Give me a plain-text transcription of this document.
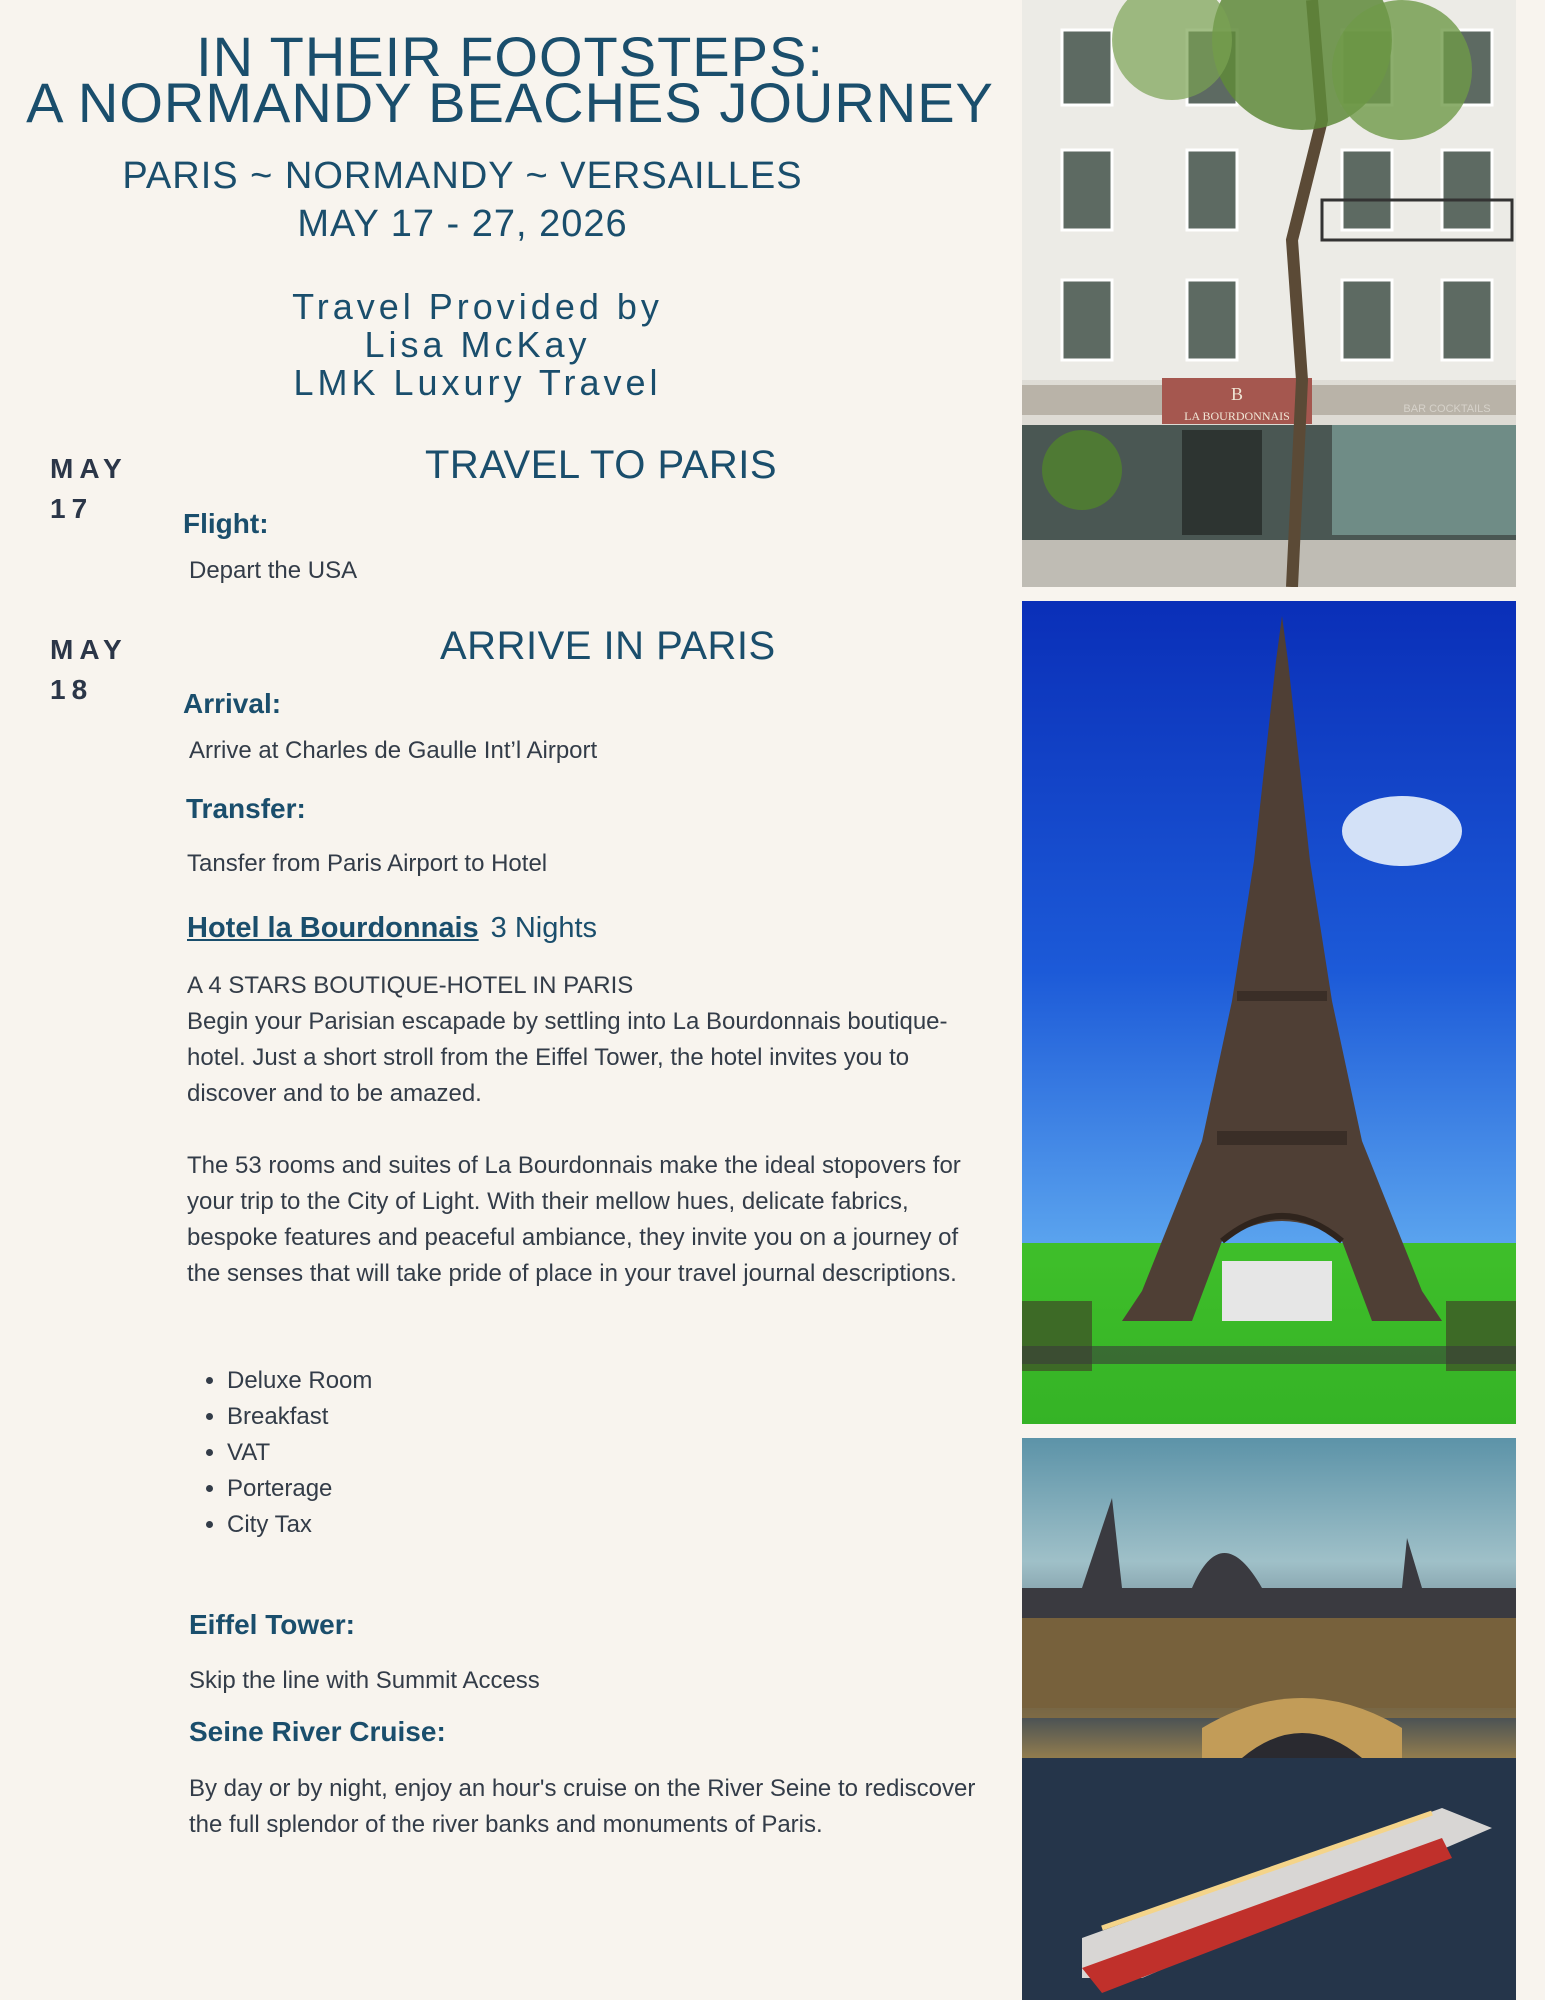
IN THEIR FOOTSTEPS:
A NORMANDY BEACHES JOURNEY
PARIS ~ NORMANDY ~ VERSAILLES
MAY 17 - 27, 2026
Travel Provided by
Lisa McKay
LMK Luxury Travel
MAY
17
TRAVEL TO PARIS
Flight:
Depart the USA
MAY
18
ARRIVE IN PARIS
Arrival:
Arrive at Charles de Gaulle Int’l Airport
Transfer:
Tansfer from Paris Airport to Hotel
Hotel la Bourdonnais 3 Nights
A 4 STARS BOUTIQUE-HOTEL IN PARIS
Begin your Parisian escapade by settling into La Bourdonnais boutique-hotel. Just a short stroll from the Eiffel Tower, the hotel invites you to discover and to be amazed.
The 53 rooms and suites of La Bourdonnais make the ideal stopovers for your trip to the City of Light. With their mellow hues, delicate fabrics, bespoke features and peaceful ambiance, they invite you on a journey of the senses that will take pride of place in your travel journal descriptions.
• Deluxe Room
• Breakfast
• VAT
• Porterage
• City Tax
Eiffel Tower:
Skip the line with Summit Access
Seine River Cruise:
By day or by night, enjoy an hour's cruise on the River Seine to rediscover the full splendor of the river banks and monuments of Paris.
LA BOURDONNAIS
B
BAR COCKTAILS
